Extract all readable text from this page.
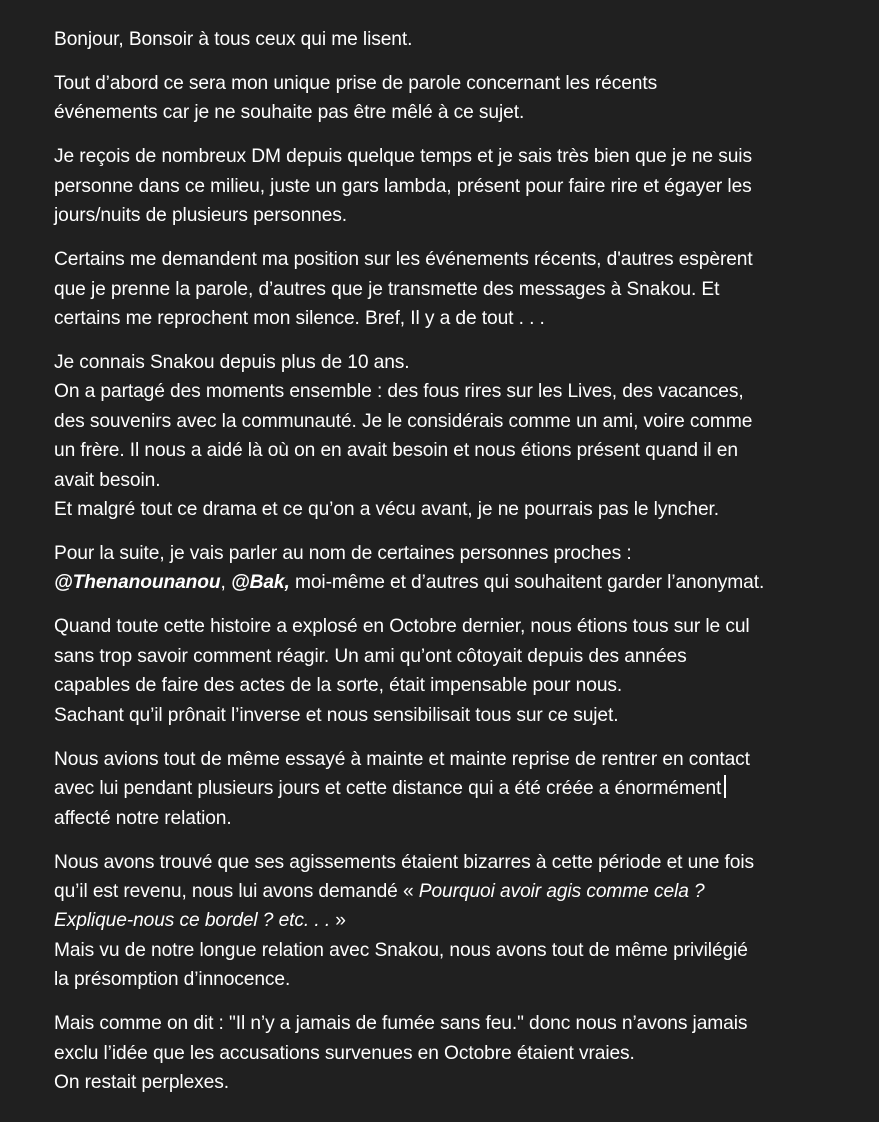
Bonjour, Bonsoir à tous ceux qui me lisent.
Tout d’abord ce sera mon unique prise de parole concernant les récents
événements car je ne souhaite pas être mêlé à ce sujet.
Je reçois de nombreux DM depuis quelque temps et je sais très bien que je ne suis
personne dans ce milieu, juste un gars lambda, présent pour faire rire et égayer les
jours/nuits de plusieurs personnes.
Certains me demandent ma position sur les événements récents, d'autres espèrent
que je prenne la parole, d’autres que je transmette des messages à Snakou. Et
certains me reprochent mon silence. Bref, Il y a de tout . . .
Je connais Snakou depuis plus de 10 ans.
On a partagé des moments ensemble : des fous rires sur les Lives, des vacances,
des souvenirs avec la communauté. Je le considérais comme un ami, voire comme
un frère. Il nous a aidé là où on en avait besoin et nous étions présent quand il en
avait besoin.
Et malgré tout ce drama et ce qu’on a vécu avant, je ne pourrais pas le lyncher.
Pour la suite, je vais parler au nom de certaines personnes proches :
@Thenanounanou, @Bak, moi-même et d’autres qui souhaitent garder l’anonymat.
Quand toute cette histoire a explosé en Octobre dernier, nous étions tous sur le cul
sans trop savoir comment réagir. Un ami qu’ont côtoyait depuis des années
capables de faire des actes de la sorte, était impensable pour nous.
Sachant qu’il prônait l’inverse et nous sensibilisait tous sur ce sujet.
Nous avions tout de même essayé à mainte et mainte reprise de rentrer en contact
avec lui pendant plusieurs jours et cette distance qui a été créée a énormément
affecté notre relation.
Nous avons trouvé que ses agissements étaient bizarres à cette période et une fois
qu’il est revenu, nous lui avons demandé « Pourquoi avoir agis comme cela ?
Explique-nous ce bordel ? etc. . . »
Mais vu de notre longue relation avec Snakou, nous avons tout de même privilégié
la présomption d’innocence.
Mais comme on dit : "Il n’y a jamais de fumée sans feu." donc nous n’avons jamais
exclu l’idée que les accusations survenues en Octobre étaient vraies.
On restait perplexes.
